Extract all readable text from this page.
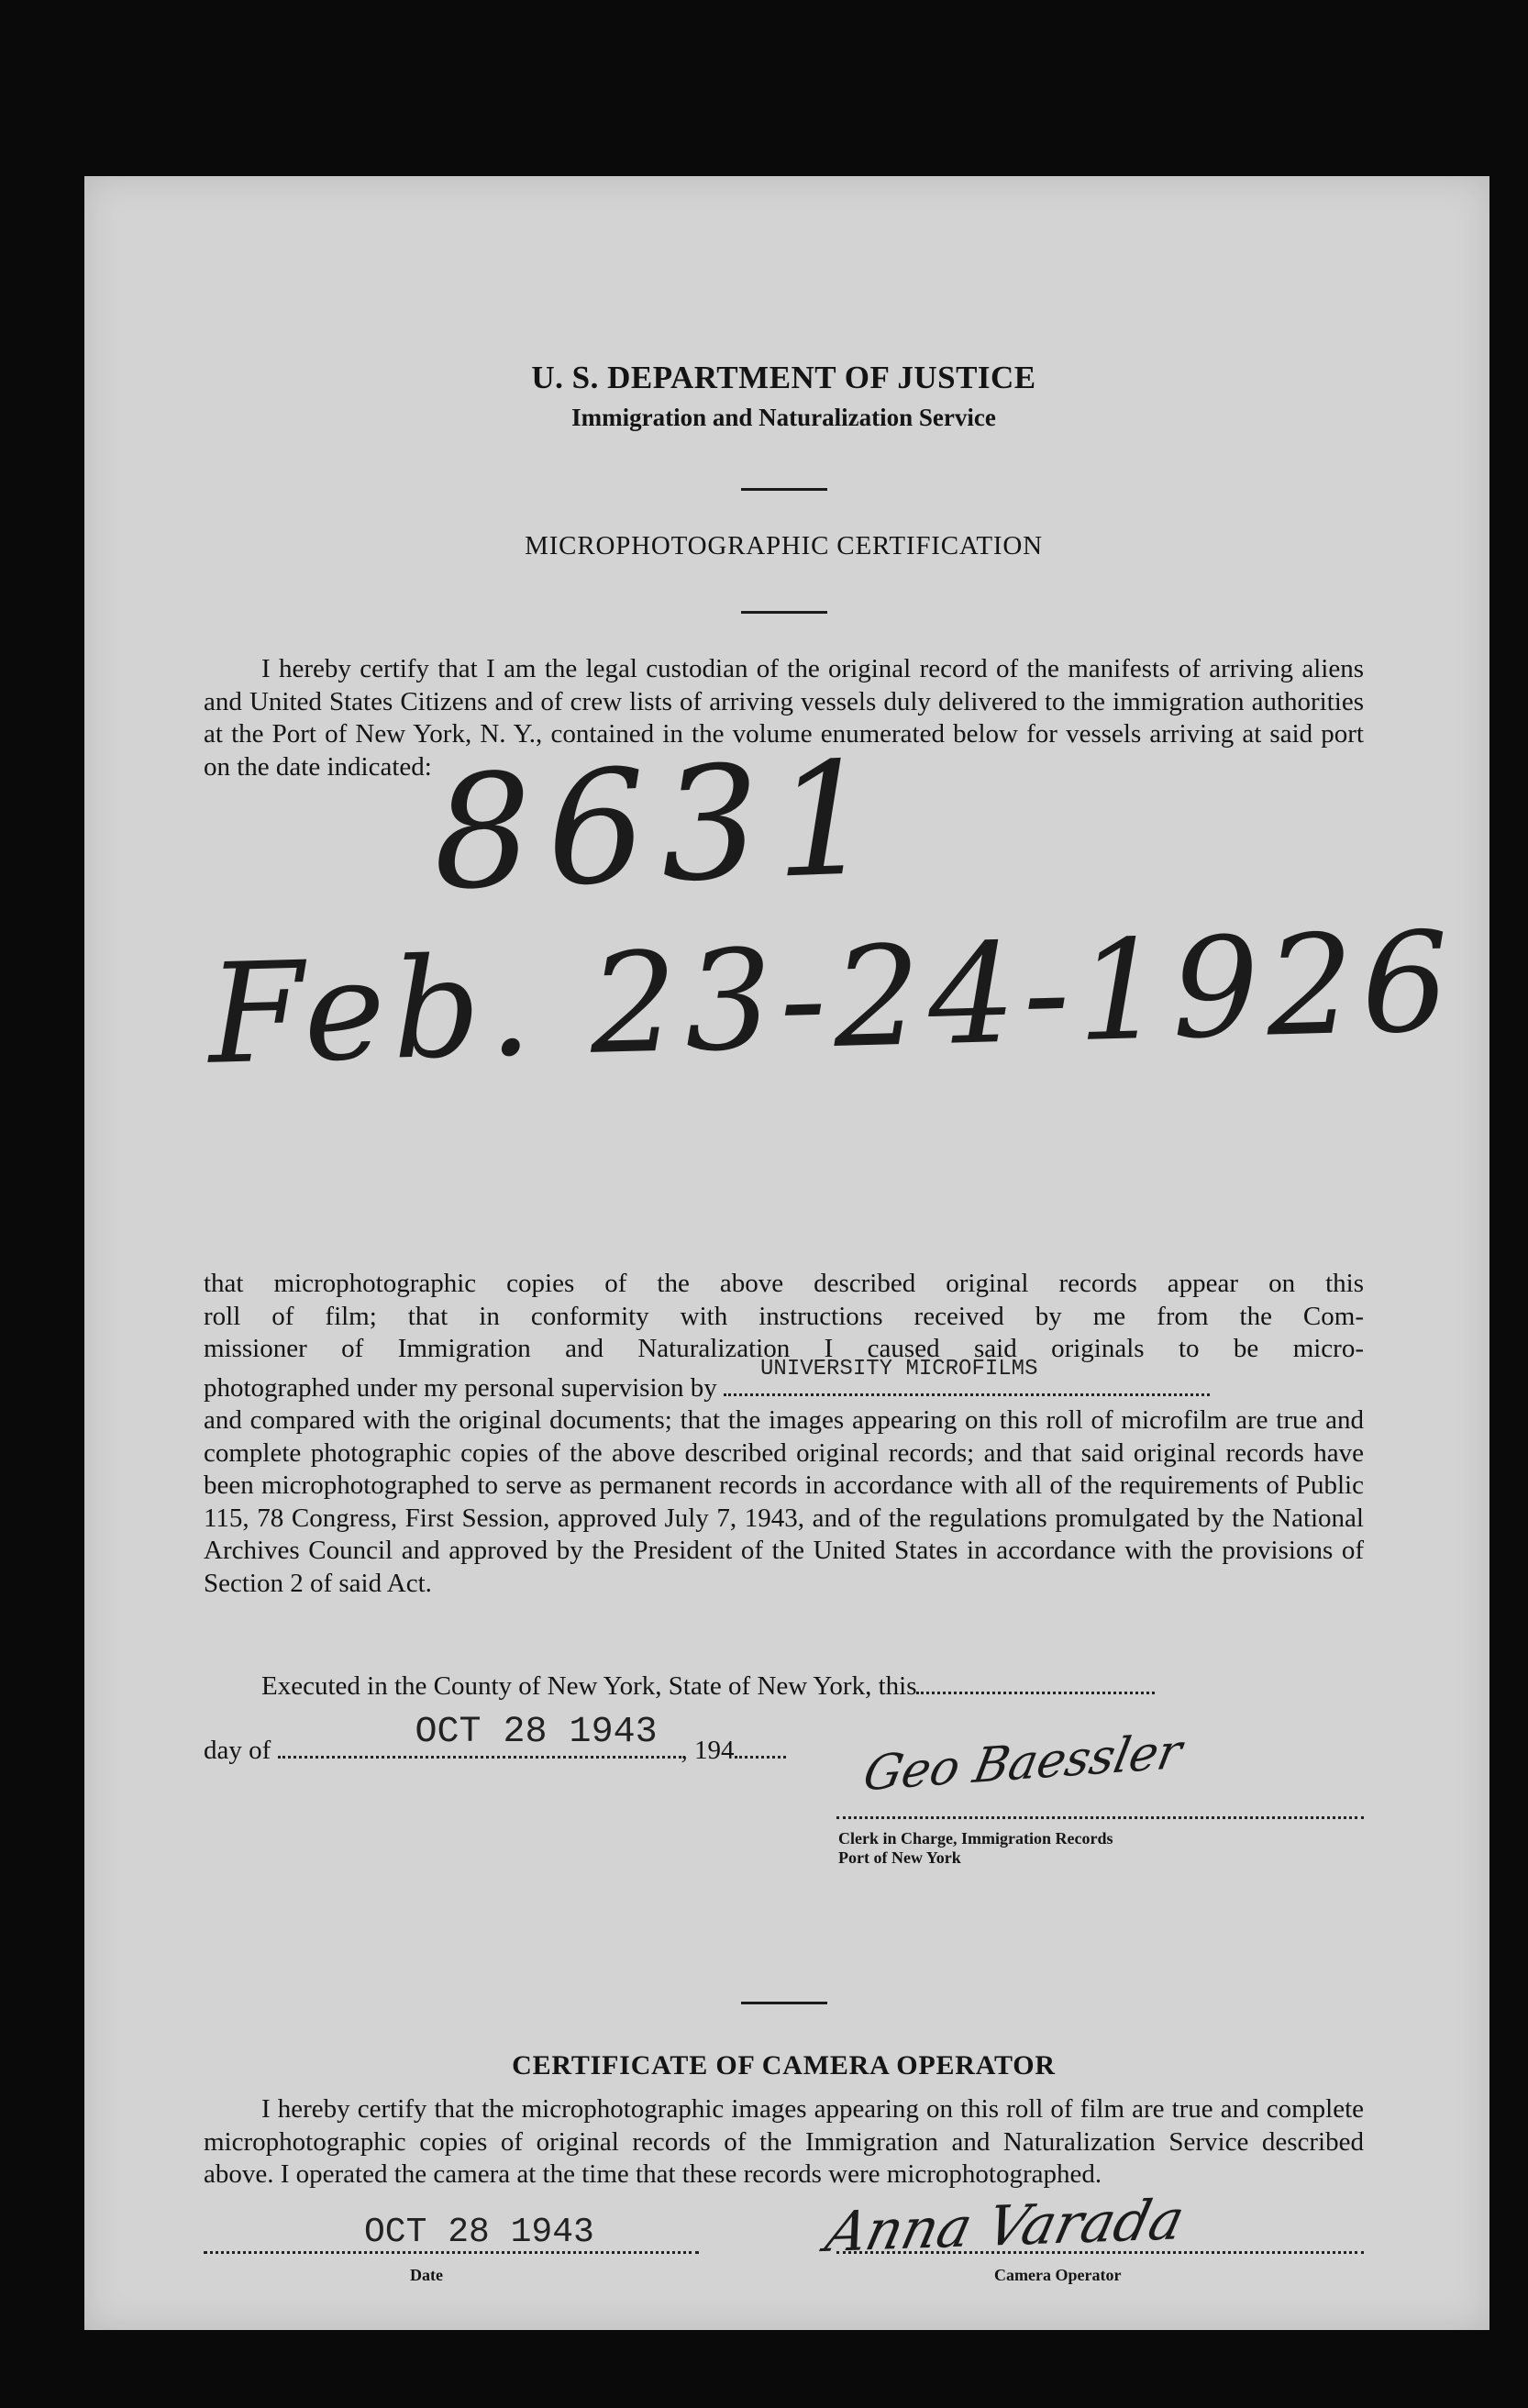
U. S. DEPARTMENT OF JUSTICE
Immigration and Naturalization Service
MICROPHOTOGRAPHIC CERTIFICATION

I hereby certify that I am the legal custodian of the original record of the manifests of arriving aliens and United States Citizens and of crew lists of arriving vessels duly delivered to the immigration authorities at the Port of New York, N. Y., contained in the volume enumerated below for vessels arriving at said port on the date indicated:

8631
Feb. 23-24-1926

that microphotographic copies of the above described original records appear on this

roll of film; that in conformity with instructions received by me from the Com-

missioner of Immigration and Naturalization I caused said originals to be micro-

photographed under my personal supervision by
UNIVERSITY MICROFILMS

and compared with the original documents; that the images appearing on this roll of microfilm are true and complete photographic copies of the above described original records; and that said original records have been microphotographed to serve as permanent records in accordance with all of the requirements of Public 115, 78 Congress, First Session, approved July 7, 1943, and of the regulations promulgated by the National Archives Council and approved by the President of the United States in accordance with the provisions of Section 2 of said Act.

Executed in the County of New York, State of New York, this
day of	OCT 28 1943 , 194	Geo Baessler
Clerk in Charge, Immigration Records
Port of New York
CERTIFICATE OF CAMERA OPERATOR

I hereby certify that the microphotographic images appearing on this roll of film are true and complete microphotographic copies of original records of the Immigration and Naturalization Service described above. I operated the camera at the time that these records were microphotographed.

OCT 28 1943
Date
Anna Varada
Camera Operator
